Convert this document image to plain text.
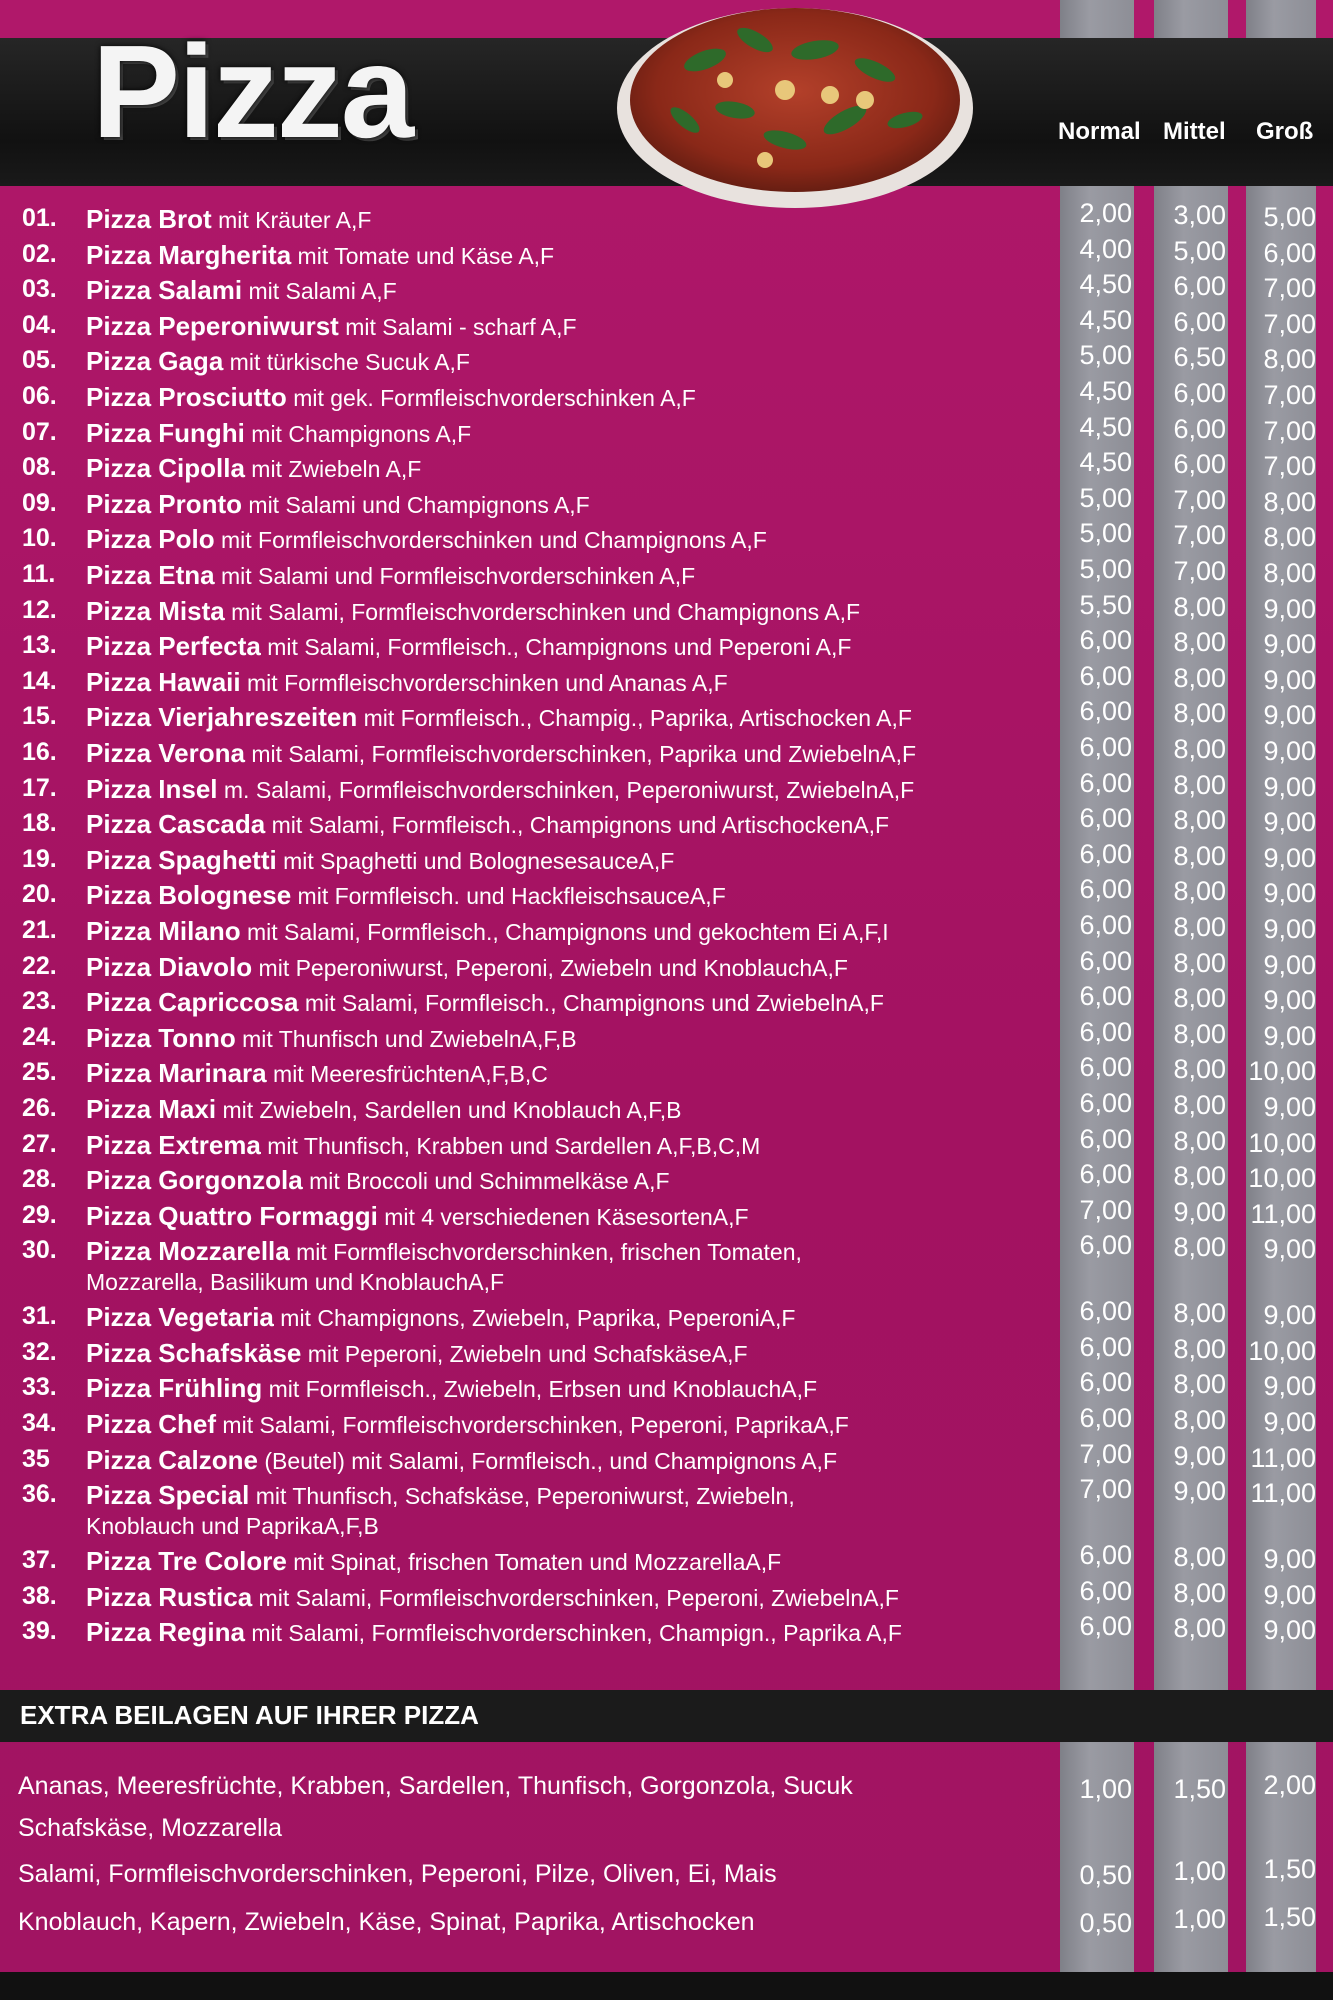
Pizza	Normal Mittel Groß
01. Pizza Brot mit Kräuter A,F	2,00	3,00	5,00
02. Pizza Margherita mit Tomate und Käse A,F	4,00	5,00	6,00
03. Pizza Salami mit Salami A,F	4,50	6,00	7,00
04. Pizza Peperoniwurst mit Salami - scharf A,F	4,50	6,00	7,00
05. Pizza Gaga mit türkische Sucuk A,F	5,00	6,50	8,00
06. Pizza Prosciutto mit gek. Formfleischvorderschinken A,F	4,50	6,00	7,00
07. Pizza Funghi mit Champignons A,F	4,50	6,00	7,00
08. Pizza Cipolla mit Zwiebeln A,F	4,50	6,00	7,00
09. Pizza Pronto mit Salami und Champignons A,F	5,00	7,00	8,00
10. Pizza Polo mit Formfleischvorderschinken und Champignons A,F	5,00	7,00	8,00
11. Pizza Etna mit Salami und Formfleischvorderschinken A,F	5,00	7,00	8,00
12. Pizza Mista mit Salami, Formfleischvorderschinken und Champignons A,F	5,50	8,00	9,00
13. Pizza Perfecta mit Salami, Formfleisch., Champignons und Peperoni A,F	6,00	8,00	9,00
14. Pizza Hawaii mit Formfleischvorderschinken und Ananas A,F	6,00	8,00	9,00
15. Pizza Vierjahreszeiten mit Formfleisch., Champig., Paprika, Artischocken A,F	6,00	8,00	9,00
16. Pizza Verona mit Salami, Formfleischvorderschinken, Paprika und ZwiebelnA,F	6,00	8,00	9,00
17. Pizza Insel m. Salami, Formfleischvorderschinken, Peperoniwurst, ZwiebelnA,F	6,00	8,00	9,00
18. Pizza Cascada mit Salami, Formfleisch., Champignons und ArtischockenA,F	6,00	8,00	9,00
19. Pizza Spaghetti mit Spaghetti und BolognesesauceA,F	6,00	8,00	9,00
20. Pizza Bolognese mit Formfleisch. und HackfleischsauceA,F	6,00	8,00	9,00
21. Pizza Milano mit Salami, Formfleisch., Champignons und gekochtem Ei A,F,I	6,00	8,00	9,00
22. Pizza Diavolo mit Peperoniwurst, Peperoni, Zwiebeln und KnoblauchA,F	6,00	8,00	9,00
23. Pizza Capriccosa mit Salami, Formfleisch., Champignons und ZwiebelnA,F	6,00	8,00	9,00
24. Pizza Tonno mit Thunfisch und ZwiebelnA,F,B	6,00	8,00	9,00
25. Pizza Marinara mit MeeresfrüchtenA,F,B,C	6,00	8,00 10,00
26. Pizza Maxi mit Zwiebeln, Sardellen und Knoblauch A,F,B	6,00	8,00	9,00
27. Pizza Extrema mit Thunfisch, Krabben und Sardellen A,F,B,C,M	6,00	8,00 10,00
28. Pizza Gorgonzola mit Broccoli und Schimmelkäse A,F	6,00	8,00 10,00
29. Pizza Quattro Formaggi mit 4 verschiedenen KäsesortenA,F	7,00	9,00 11,00
30. Pizza Mozzarella mit Formfleischvorderschinken, frischen Tomaten,
Mozzarella, Basilikum und KnoblauchA,F
6,00	8,00	9,00
31. Pizza Vegetaria mit Champignons, Zwiebeln, Paprika, PeperoniA,F	6,00	8,00	9,00
32. Pizza Schafskäse mit Peperoni, Zwiebeln und SchafskäseA,F	6,00	8,00 10,00
33. Pizza Frühling mit Formfleisch., Zwiebeln, Erbsen und KnoblauchA,F	6,00	8,00	9,00
34. Pizza Chef mit Salami, Formfleischvorderschinken, Peperoni, PaprikaA,F	6,00	8,00	9,00
35 Pizza Calzone (Beutel) mit Salami, Formfleisch., und Champignons A,F	7,00	9,00 11,00
36. Pizza Special mit Thunfisch, Schafskäse, Peperoniwurst, Zwiebeln,
Knoblauch und PaprikaA,F,B
7,00	9,00 11,00
37. Pizza Tre Colore mit Spinat, frischen Tomaten und MozzarellaA,F	6,00	8,00	9,00
38. Pizza Rustica mit Salami, Formfleischvorderschinken, Peperoni, ZwiebelnA,F	6,00	8,00	9,00
39. Pizza Regina mit Salami, Formfleischvorderschinken, Champign., Paprika A,F	6,00	8,00	9,00
EXTRA BEILAGEN AUF IHRER PIZZA
Ananas, Meeresfrüchte, Krabben, Sardellen, Thunfisch, Gorgonzola, Sucuk
Schafskäse, Mozzarella
1,00	1,50	2,00
Salami, Formfleischvorderschinken, Peperoni, Pilze, Oliven, Ei, Mais	0,50	1,00	1,50
Knoblauch, Kapern, Zwiebeln, Käse, Spinat, Paprika, Artischocken	0,50	1,00	1,50
